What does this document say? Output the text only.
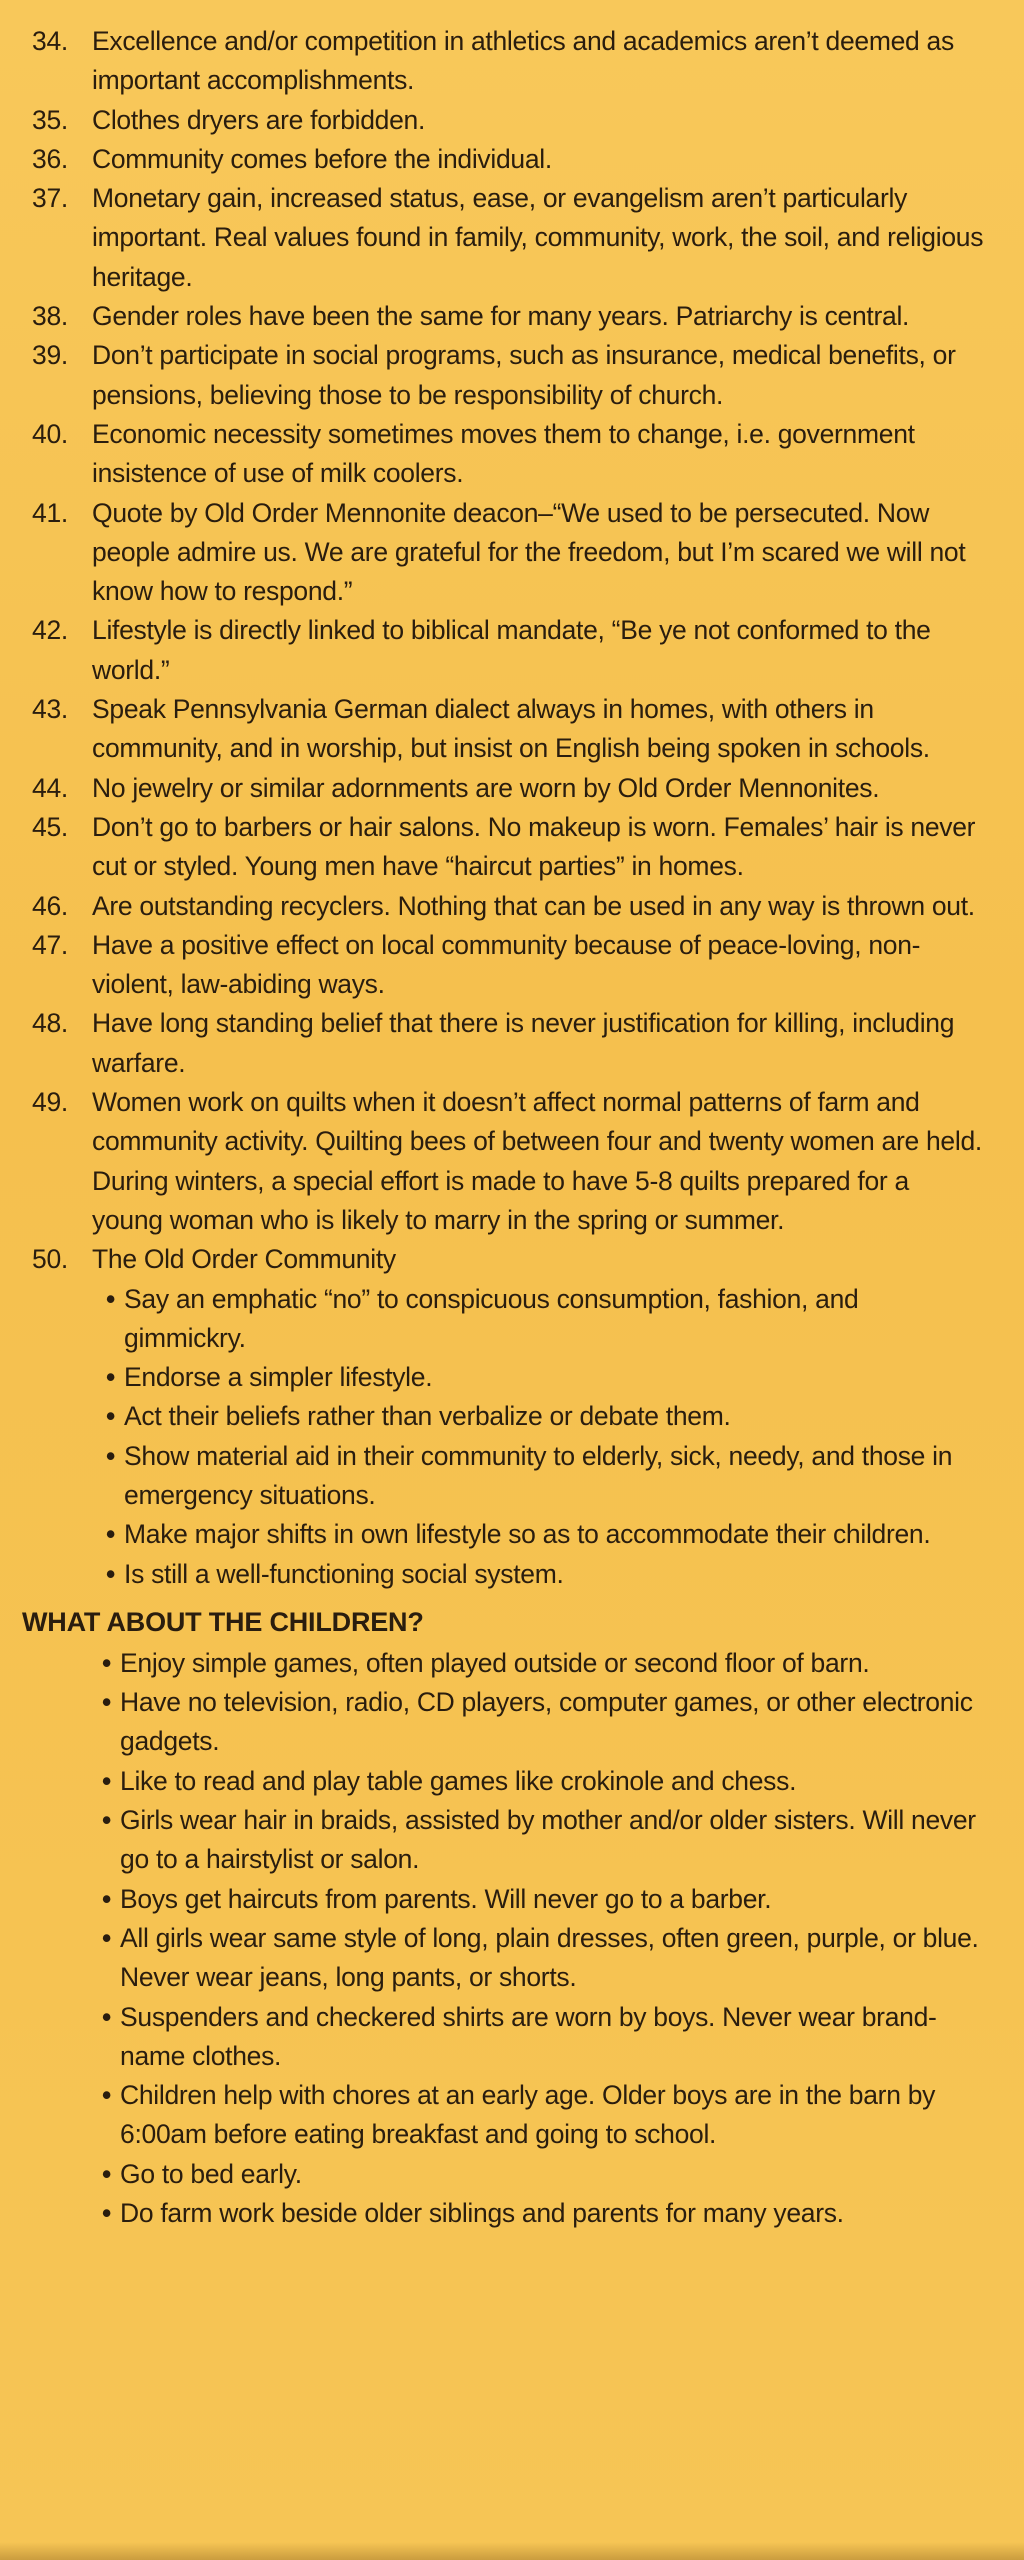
34. Excellence and/or competition in athletics and academics aren’t deemed as important accomplishments.
35. Clothes dryers are forbidden.
36. Community comes before the individual.
37. Monetary gain, increased status, ease, or evangelism aren’t particularly important. Real values found in family, community, work, the soil, and religious heritage.
38. Gender roles have been the same for many years. Patriarchy is central.
39. Don’t participate in social programs, such as insurance, medical benefits, or pensions, believing those to be responsibility of church.
40. Economic necessity sometimes moves them to change, i.e. government insistence of use of milk coolers.
41. Quote by Old Order Mennonite deacon–“We used to be persecuted. Now people admire us. We are grateful for the freedom, but I’m scared we will not know how to respond.”
42. Lifestyle is directly linked to biblical mandate, “Be ye not conformed to the world.”
43. Speak Pennsylvania German dialect always in homes, with others in community, and in worship, but insist on English being spoken in schools.
44. No jewelry or similar adornments are worn by Old Order Mennonites.
45. Don’t go to barbers or hair salons. No makeup is worn. Females’ hair is never cut or styled. Young men have “haircut parties” in homes.
46. Are outstanding recyclers. Nothing that can be used in any way is thrown out.
47. Have a positive effect on local community because of peace-loving, non-violent, law-abiding ways.
48. Have long standing belief that there is never justification for killing, including warfare.
49. Women work on quilts when it doesn’t affect normal patterns of farm and community activity. Quilting bees of between four and twenty women are held. During winters, a special effort is made to have 5-8 quilts prepared for a young woman who is likely to marry in the spring or summer.
50. The Old Order Community
• Say an emphatic “no” to conspicuous consumption, fashion, and gimmickry.
• Endorse a simpler lifestyle.
• Act their beliefs rather than verbalize or debate them.
• Show material aid in their community to elderly, sick, needy, and those in emergency situations.
• Make major shifts in own lifestyle so as to accommodate their children.
• Is still a well-functioning social system.
WHAT ABOUT THE CHILDREN?
• Enjoy simple games, often played outside or second floor of barn.
• Have no television, radio, CD players, computer games, or other electronic gadgets.
• Like to read and play table games like crokinole and chess.
• Girls wear hair in braids, assisted by mother and/or older sisters. Will never go to a hairstylist or salon.
• Boys get haircuts from parents. Will never go to a barber.
• All girls wear same style of long, plain dresses, often green, purple, or blue. Never wear jeans, long pants, or shorts.
• Suspenders and checkered shirts are worn by boys. Never wear brand-name clothes.
• Children help with chores at an early age. Older boys are in the barn by 6:00am before eating breakfast and going to school.
• Go to bed early.
• Do farm work beside older siblings and parents for many years.
